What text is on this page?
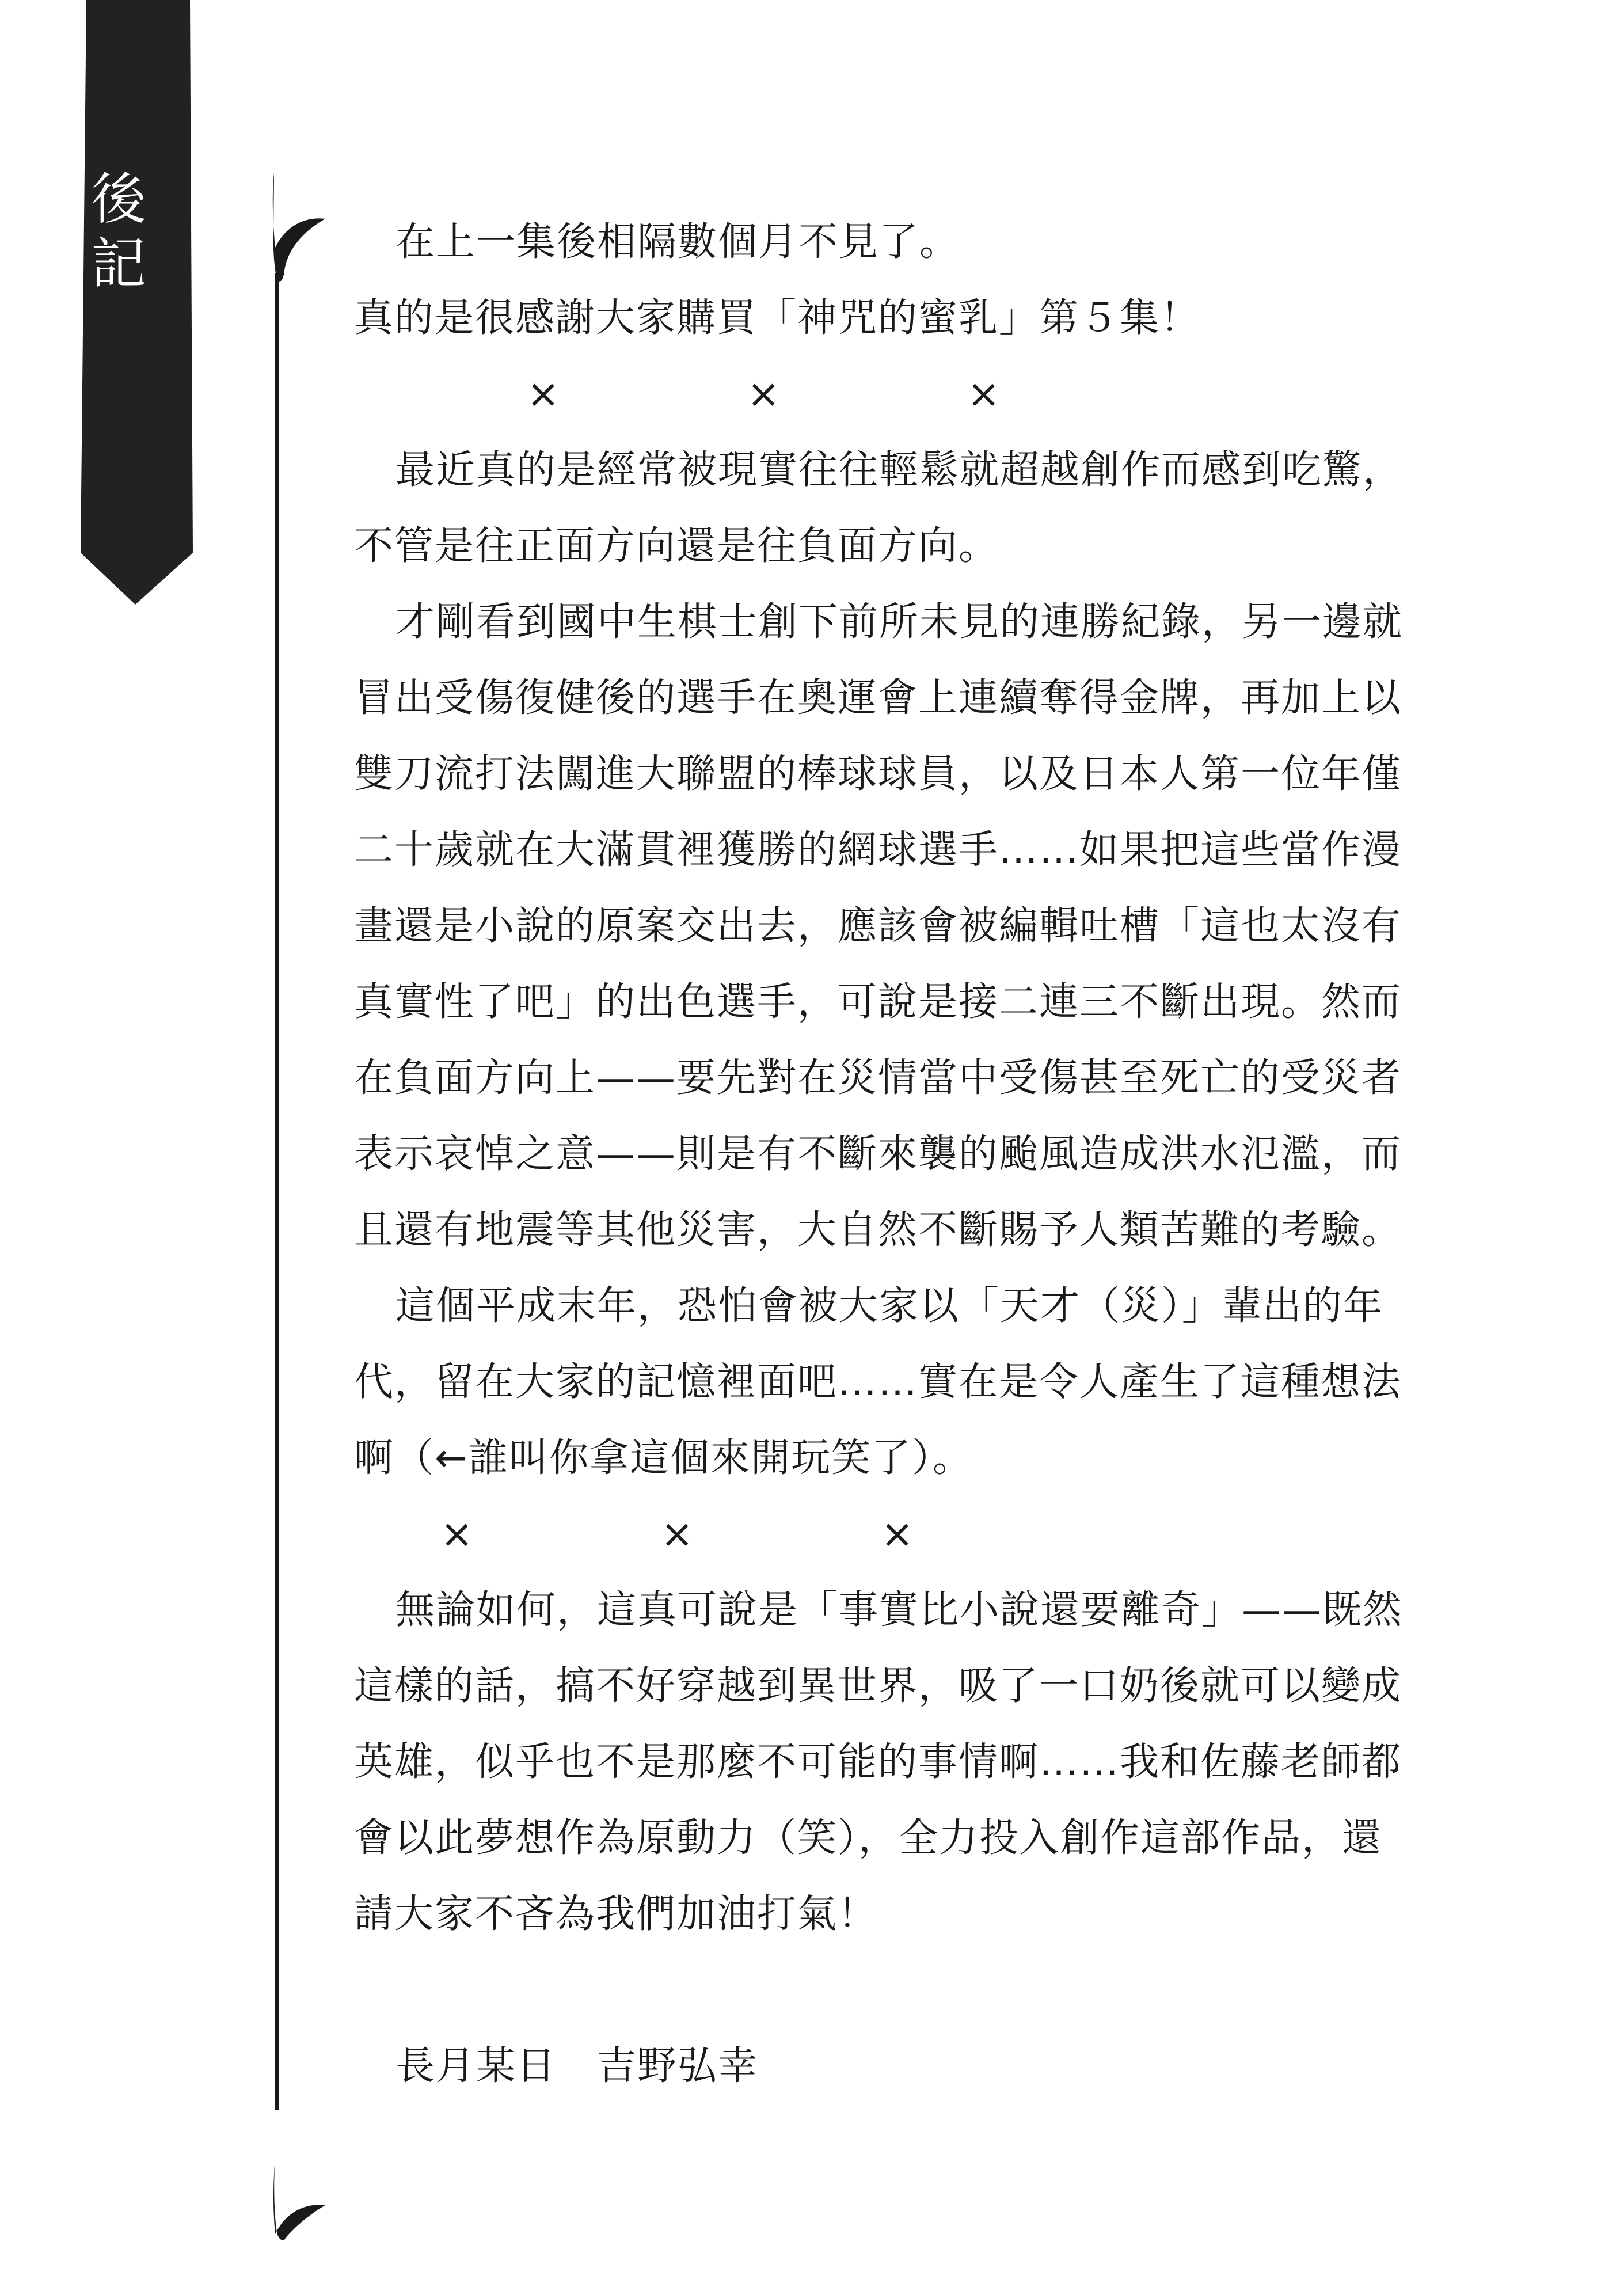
後記	在上一集後相隔數個月不見了。

真的是很感謝大家購買「神咒的蜜乳」第５集！

× × ×

最近真的是經常被現實往往輕鬆就超越創作而感到吃驚，

不管是往正面方向還是往負面方向。

才剛看到國中生棋士創下前所未見的連勝紀錄，另一邊就

冒出受傷復健後的選手在奧運會上連續奪得金牌，再加上以

雙刀流打法闖進大聯盟的棒球球員，以及日本人第一位年僅

二十歲就在大滿貫裡獲勝的網球選手……如果把這些當作漫

畫還是小說的原案交出去，應該會被編輯吐槽「這也太沒有

真實性了吧」的出色選手，可說是接二連三不斷出現。然而

在負面方向上——要先對在災情當中受傷甚至死亡的受災者

表示哀悼之意——則是有不斷來襲的颱風造成洪水氾濫，而

且還有地震等其他災害，大自然不斷賜予人類苦難的考驗。

這個平成末年，恐怕會被大家以「天才（災）」輩出的年

代，留在大家的記憶裡面吧……實在是令人產生了這種想法

啊（←誰叫你拿這個來開玩笑了）。

× × ×

無論如何，這真可說是「事實比小說還要離奇」——既然

這樣的話，搞不好穿越到異世界，吸了一口奶後就可以變成

英雄，似乎也不是那麼不可能的事情啊……我和佐藤老師都

會以此夢想作為原動力（笑），全力投入創作這部作品，還

請大家不吝為我們加油打氣！

長月某日　吉野弘幸
